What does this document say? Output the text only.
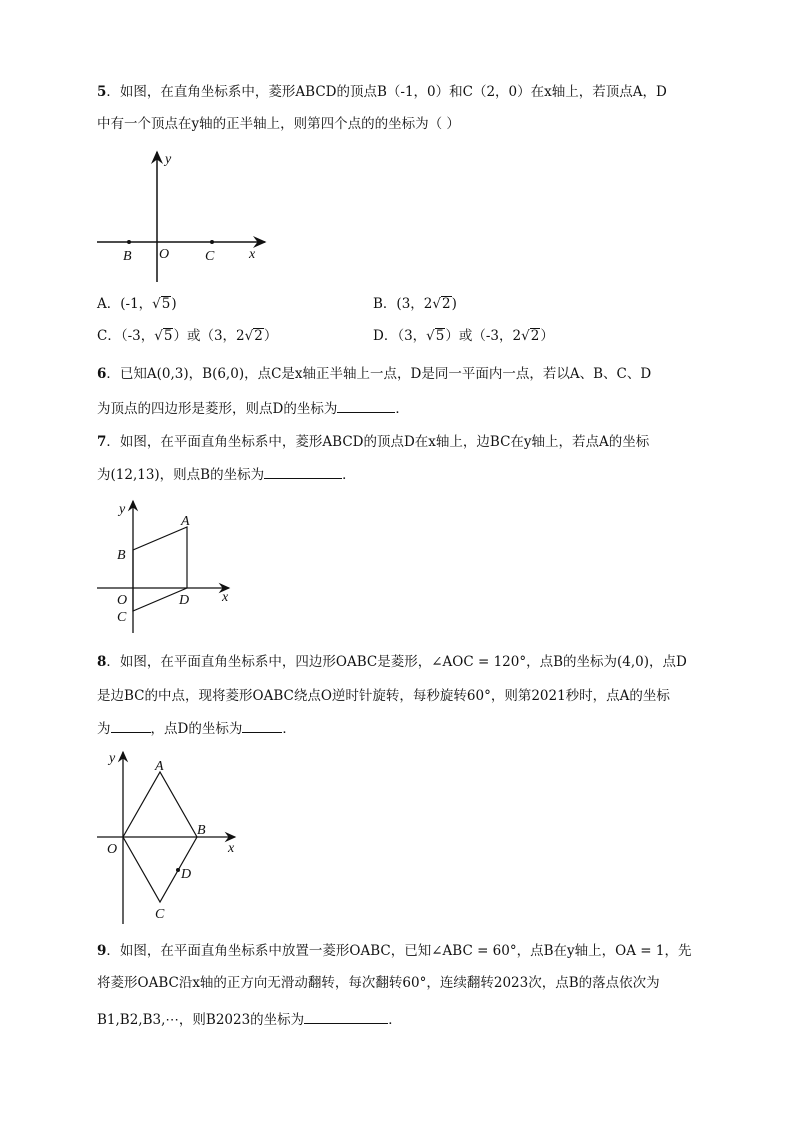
5．如图，在直角坐标系中，菱形ABCD的顶点B（-1，0）和C（2，0）在x轴上，若顶点A，D
中有一个顶点在y轴的正半轴上，则第四个点的的坐标为（ ）
y
x
O
B	C
A．(-1，√5)	B．(3，2√2)
C．（-3，√5）或（3，2√2）	D．（3，√5）或（-3，2√2）
6．已知A(0,3)，B(6,0)，点C是x轴正半轴上一点，D是同一平面内一点，若以A、B、C、D
为顶点的四边形是菱形，则点D的坐标为	．
7．如图，在平面直角坐标系中，菱形ABCD的顶点D在x轴上，边BC在y轴上，若点A的坐标
为(12,13)，则点B的坐标为	．
y
x
A
B
O	D
C
8．如图，在平面直角坐标系中，四边形OABC是菱形，∠AOC = 120°，点B的坐标为(4,0)，点D
是边BC的中点，现将菱形OABC绕点O逆时针旋转，每秒旋转60°，则第2021秒时，点A的坐标
为	，点D的坐标为	．
y
x
A
B
O
D
C
9．如图，在平面直角坐标系中放置一菱形OABC，已知∠ABC = 60°，点B在y轴上，OA = 1，先
将菱形OABC沿x轴的正方向无滑动翻转，每次翻转60°，连续翻转2023次，点B的落点依次为
B1,B2,B3,⋯，则B2023的坐标为	．
